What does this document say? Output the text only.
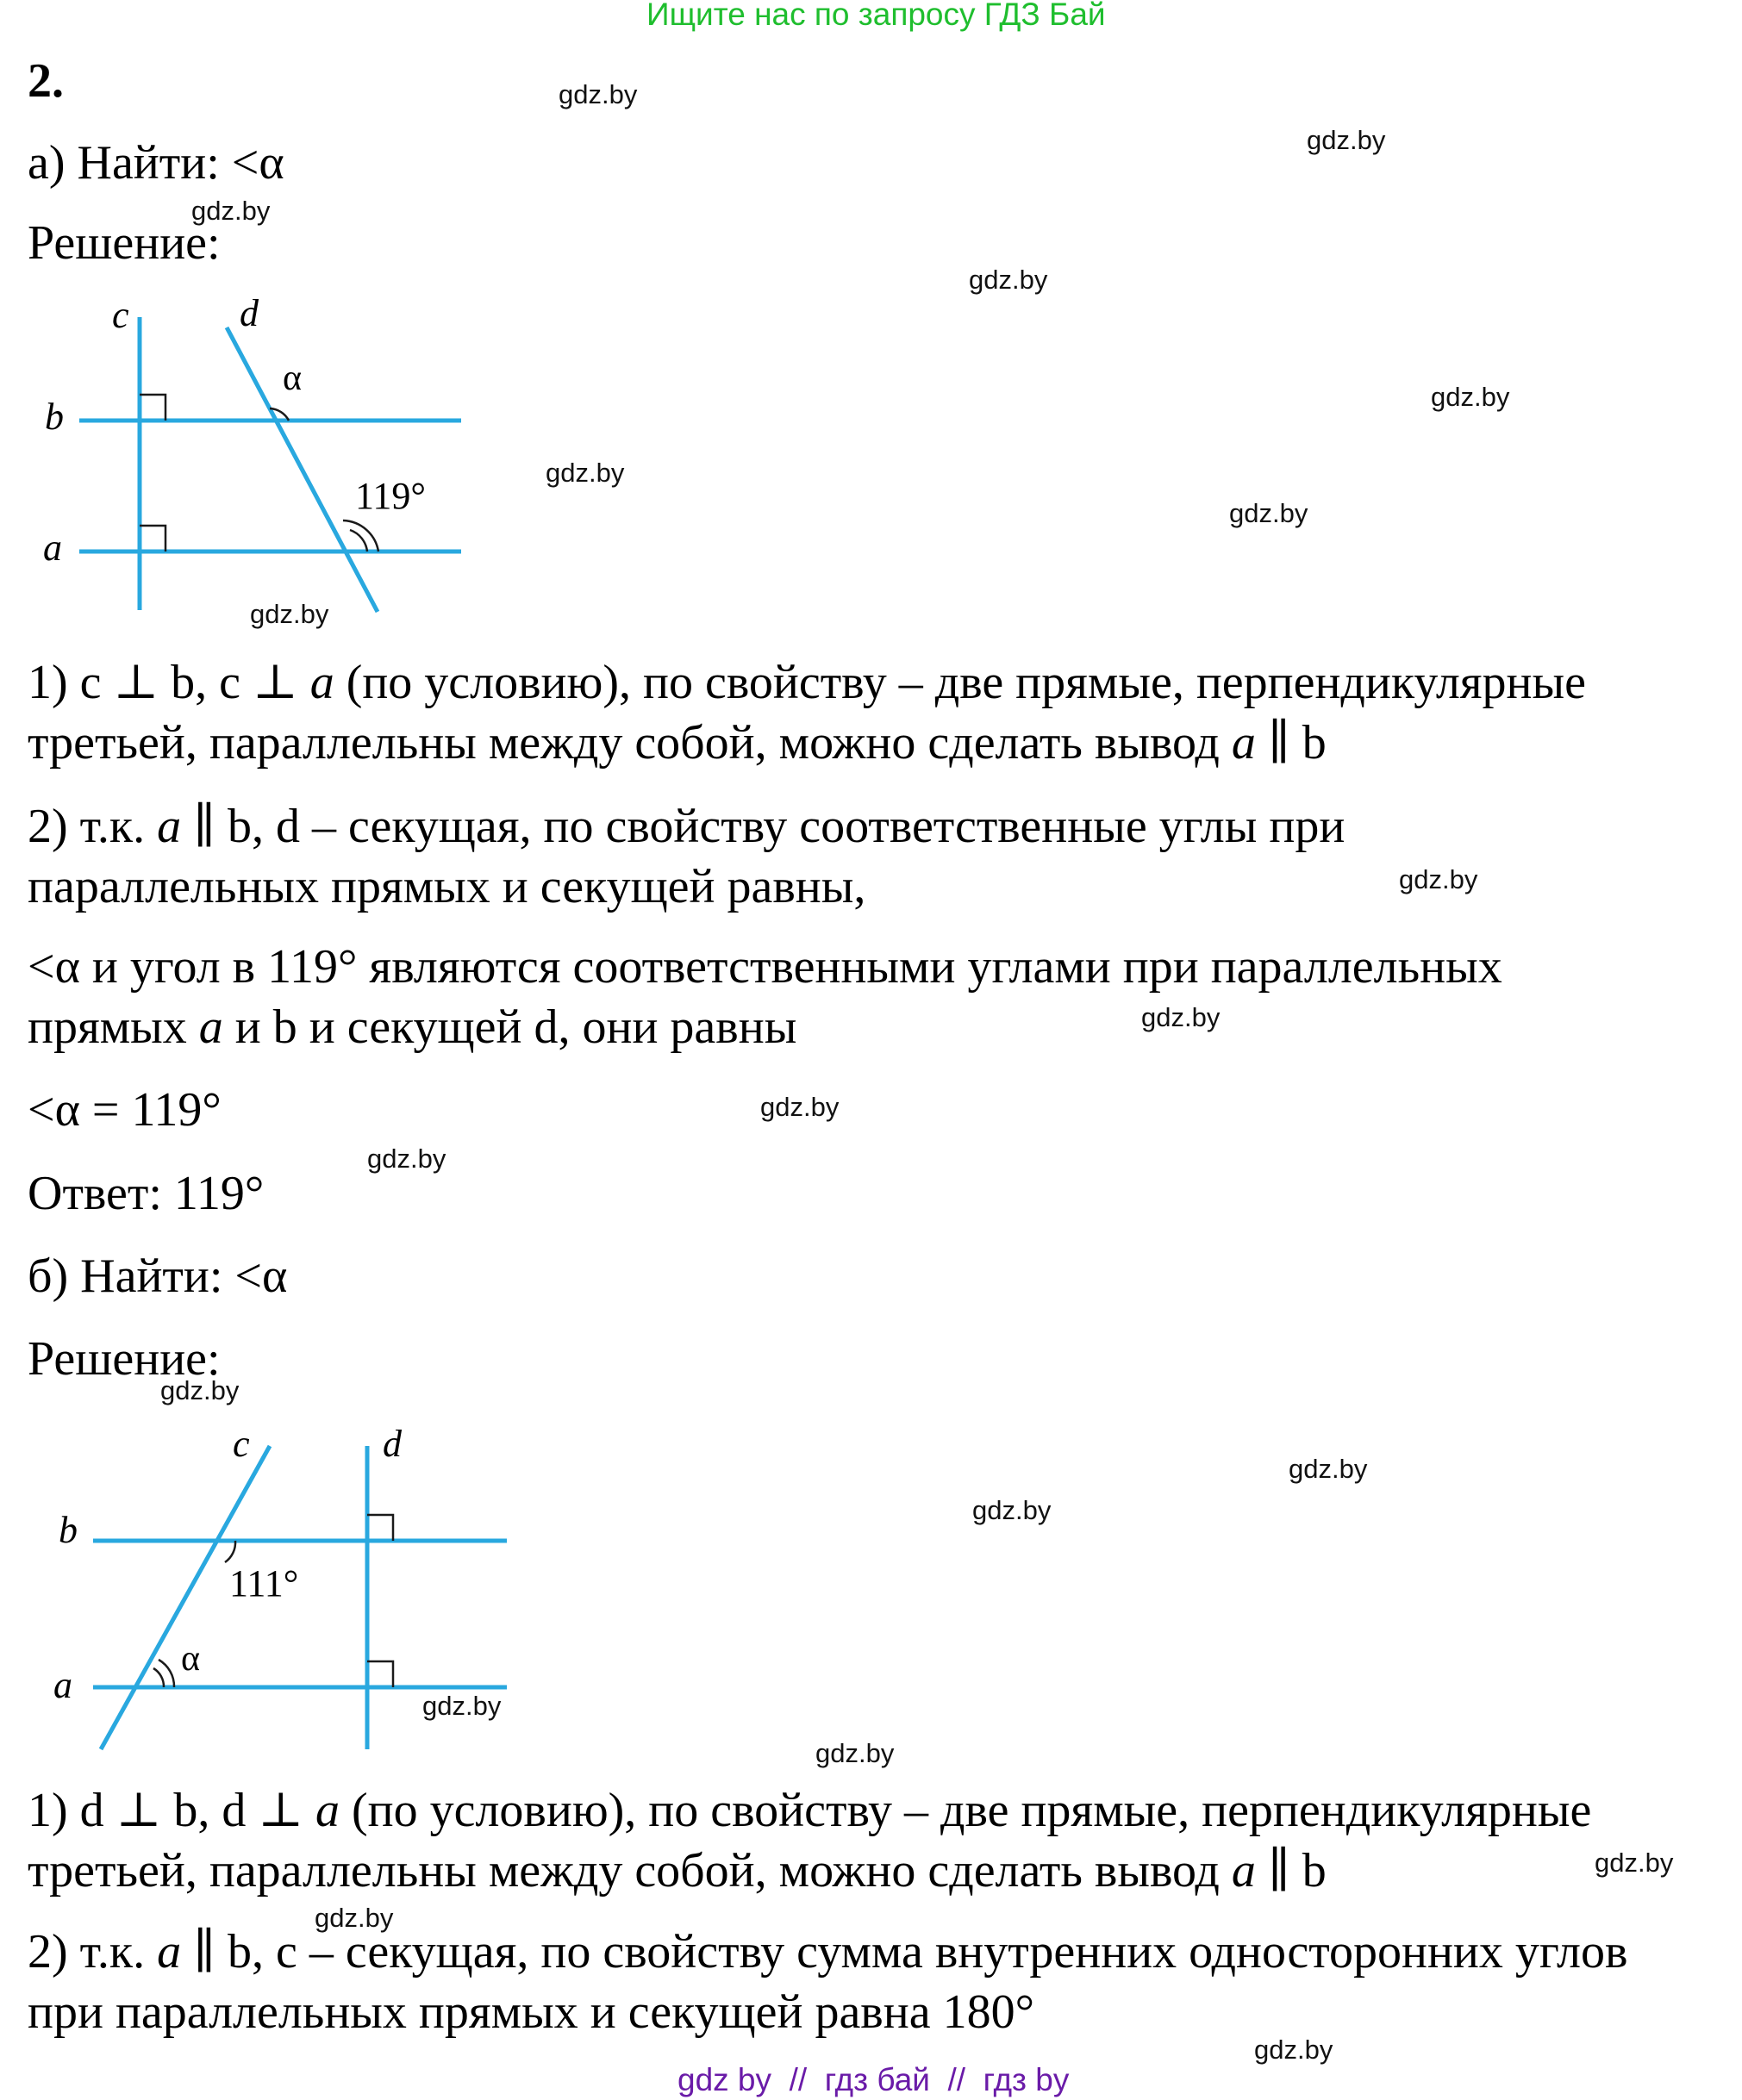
Ищите нас по запросу ГДЗ Бай
2.
а) Найти: <α
Решение:
c	d
b
a
α
119°
1) c ⊥ b, c ⊥ a (по условию), по свойству – две прямые, перпендикулярные
третьей, параллельны между собой, можно сделать вывод a ∥ b
2) т.к. a ∥ b, d – секущая, по свойству соответственные углы при
параллельных прямых и секущей равны,
<α и угол в 119° являются соответственными углами при параллельных
прямых a и b и секущей d, они равны
<α = 119°
Ответ: 119°
б) Найти: <α
Решение:
c	d
b
a
111°
α
1) d ⊥ b, d ⊥ a (по условию), по свойству – две прямые, перпендикулярные
третьей, параллельны между собой, можно сделать вывод a ∥ b
2) т.к. a ∥ b, c – секущая, по свойству сумма внутренних односторонних углов
при параллельных прямых и секущей равна 180°
gdz.by
gdz.by
gdz.by
gdz.by
gdz.by
gdz.by
gdz.by
gdz.by
gdz.by
gdz.by
gdz.by
gdz.by
gdz.by
gdz.by
gdz.by
gdz.by
gdz.by
gdz.by
gdz.by
gdz.by
gdz by  //  гдз бай  //  гдз by
